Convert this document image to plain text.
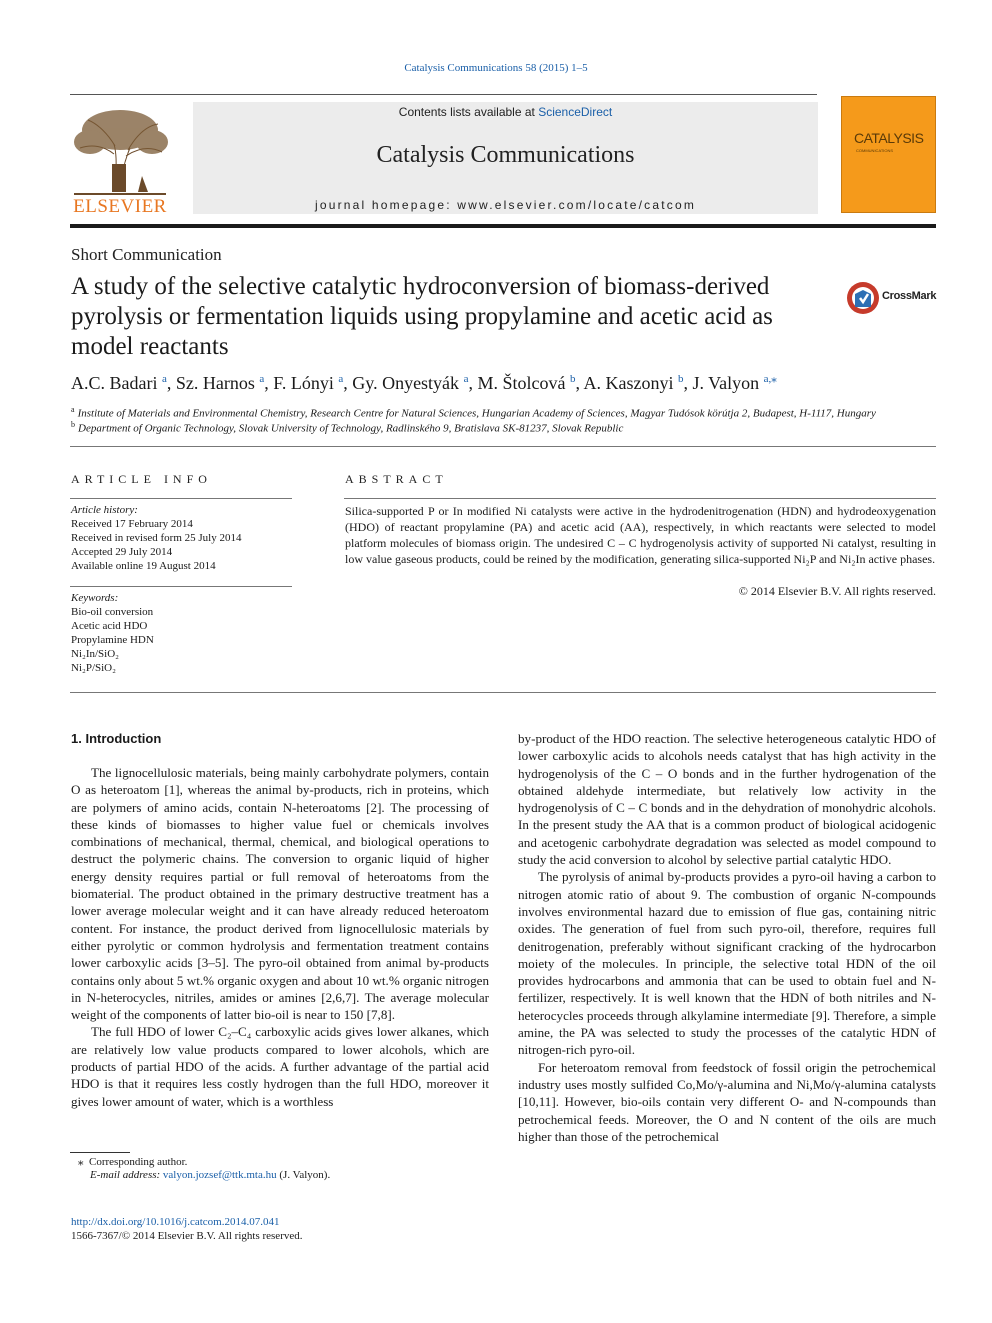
Catalysis Communications 58 (2015) 1–5
ELSEVIER
Contents lists available at ScienceDirect
Catalysis Communications
journal homepage: www.elsevier.com/locate/catcom
CATALYSIS
COMMUNICATIONS
Short Communication
A study of the selective catalytic hydroconversion of biomass-derived pyrolysis or fermentation liquids using propylamine and acetic acid as model reactants
CrossMark
A.C. Badari $^a$, Sz. Harnos $^a$, F. Lónyi $^a$, Gy. Onyestyák $^a$, M. Štolcová $^b$, A. Kaszonyi $^b$, J. Valyon $^{a,⁎}$
$^a$ Institute of Materials and Environmental Chemistry, Research Centre for Natural Sciences, Hungarian Academy of Sciences, Magyar Tudósok körútja 2, Budapest, H-1117, Hungary
$^b$ Department of Organic Technology, Slovak University of Technology, Radlinského 9, Bratislava SK-81237, Slovak Republic
ARTICLE INFO	ABSTRACT
Article history:
Received 17 February 2014
Received in revised form 25 July 2014
Accepted 29 July 2014
Available online 19 August 2014
Keywords:
Bio-oil conversion
Acetic acid HDO
Propylamine HDN
Ni₂In/SiO₂
Ni₂P/SiO₂
Silica-supported P or In modified Ni catalysts were active in the hydrodenitrogenation (HDN) and hydrodeoxygenation (HDO) of reactant propylamine (PA) and acetic acid (AA), respectively, in which reactants were selected to model platform molecules of biomass origin. The undesired C – C hydrogenolysis activity of supported Ni catalyst, resulting in low value gaseous products, could be reined by the modification, generating silica-supported Ni₂P and Ni₂In active phases.
© 2014 Elsevier B.V. All rights reserved.
1. Introduction

The lignocellulosic materials, being mainly carbohydrate polymers, contain O as heteroatom [1], whereas the animal by-products, rich in proteins, which are polymers of amino acids, contain N-heteroatoms [2]. The processing of these kinds of biomasses to higher value fuel or chemicals involves combinations of mechanical, thermal, chemical, and biological operations to destruct the polymeric chains. The conversion to organic liquid of higher energy density requires partial or full removal of heteroatoms from the biomaterial. The product obtained in the primary destructive treatment has a lower average molecular weight and it can have already reduced heteroatom content. For instance, the product derived from lignocellulosic materials by either pyrolytic or common hydrolysis and fermentation treatment contains lower carboxylic acids [3–5]. The pyro-oil obtained from animal by-products contains only about 5 wt.% organic oxygen and about 10 wt.% organic nitrogen in N-heterocycles, nitriles, amides or amines [2,6,7]. The average molecular weight of the components of latter bio-oil is near to 150 [7,8].

The full HDO of lower C₂–C₄ carboxylic acids gives lower alkanes, which are relatively low value products compared to lower alcohols, which are products of partial HDO of the acids. A further advantage of the partial acid HDO is that it requires less costly hydrogen than the full HDO, moreover it gives lower amount of water, which is a worthless

by-product of the HDO reaction. The selective heterogeneous catalytic HDO of lower carboxylic acids to alcohols needs catalyst that has high activity in the hydrogenolysis of the C – O bonds and in the further hydrogenation of the obtained aldehyde intermediate, but relatively low activity in the hydrogenolysis of C – C bonds and in the dehydration of monohydric alcohols. In the present study the AA that is a common product of biological acidogenic and acetogenic carbohydrate degradation was selected as model compound to study the acid conversion to alcohol by selective partial catalytic HDO.

The pyrolysis of animal by-products provides a pyro-oil having a carbon to nitrogen atomic ratio of about 9. The combustion of organic N-compounds involves environmental hazard due to emission of flue gas, containing nitric oxides. The generation of fuel from such pyro-oil, therefore, requires full denitrogenation, preferably without significant cracking of the hydrocarbon moiety of the molecules. In principle, the selective total HDN of the oil provides hydrocarbons and ammonia that can be used to obtain fuel and N-fertilizer, respectively. It is well known that the HDN of both nitriles and N-heterocycles proceeds through alkylamine intermediate [9]. Therefore, a simple amine, the PA was selected to study the processes of the catalytic HDN of nitrogen-rich pyro-oil.

For heteroatom removal from feedstock of fossil origin the petrochemical industry uses mostly sulfided Co,Mo/γ-alumina and Ni,Mo/γ-alumina catalysts [10,11]. However, bio-oils contain very different O- and N-compounds than petrochemical feeds. Moreover, the O and N content of the oils are much higher than those of the petrochemical

⁎ Corresponding author.
E-mail address: valyon.jozsef@ttk.mta.hu (J. Valyon).
http://dx.doi.org/10.1016/j.catcom.2014.07.041
1566-7367/© 2014 Elsevier B.V. All rights reserved.
